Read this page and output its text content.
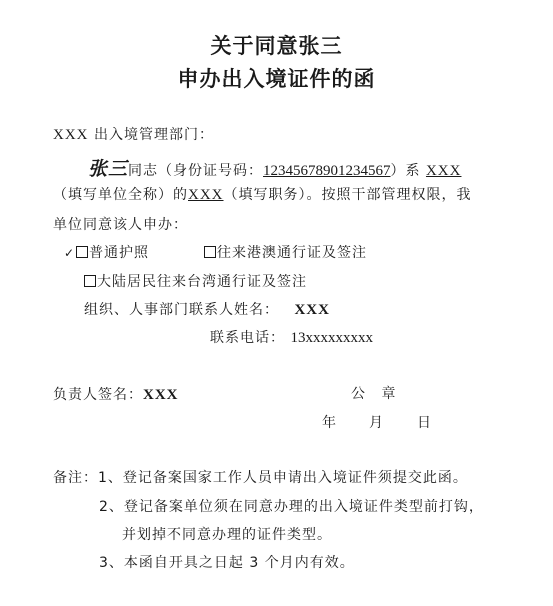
关于同意张三
申办出入境证件的函
XXX 出入境管理部门：
张三同志（身份证号码：12345678901234567）系 XXX
（填写单位全称）的XXX（填写职务）。按照干部管理权限，我
单位同意该人申办：
✓ 普通护照	往来港澳通行证及签注
大陆居民往来台湾通行证及签注
组织、人事部门联系人姓名： XXX
联系电话： 13xxxxxxxxx
负责人签名：XXX	公 章
年 月 日
备注：1、登记备案国家工作人员申请出入境证件须提交此函。
2、登记备案单位须在同意办理的出入境证件类型前打钩，
并划掉不同意办理的证件类型。
3、本函自开具之日起 3 个月内有效。
